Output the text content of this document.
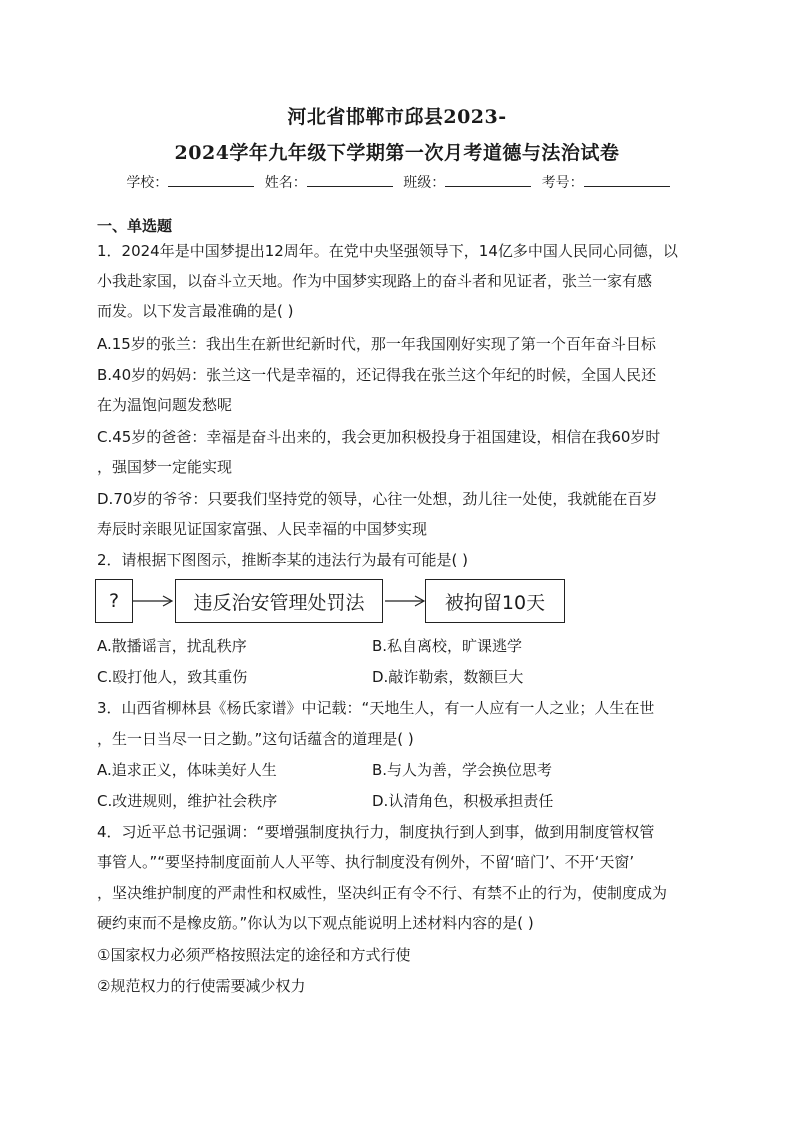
河北省邯郸市邱县2023-
2024学年九年级下学期第一次月考道德与法治试卷
学校：	姓名：	班级：	考号：
一、单选题
1．2024年是中国梦提出12周年。在党中央坚强领导下，14亿多中国人民同心同德，以
小我赴家国，以奋斗立天地。作为中国梦实现路上的奋斗者和见证者，张兰一家有感
而发。以下发言最准确的是( )
A.15岁的张兰：我出生在新世纪新时代，那一年我国刚好实现了第一个百年奋斗目标
B.40岁的妈妈：张兰这一代是幸福的，还记得我在张兰这个年纪的时候，全国人民还
在为温饱问题发愁呢
C.45岁的爸爸：幸福是奋斗出来的，我会更加积极投身于祖国建设，相信在我60岁时
，强国梦一定能实现
D.70岁的爷爷：只要我们坚持党的领导，心往一处想，劲儿往一处使，我就能在百岁
寿辰时亲眼见证国家富强、人民幸福的中国梦实现
2．请根据下图图示，推断李某的违法行为最有可能是( )
?	违反治安管理处罚法	被拘留10天
A.散播谣言，扰乱秩序	B.私自离校，旷课逃学
C.殴打他人，致其重伤	D.敲诈勒索，数额巨大
3．山西省柳林县《杨氏家谱》中记载：“天地生人，有一人应有一人之业；人生在世
，生一日当尽一日之勤。”这句话蕴含的道理是( )
A.追求正义，体味美好人生	B.与人为善，学会换位思考
C.改进规则，维护社会秩序	D.认清角色，积极承担责任
4．习近平总书记强调：“要增强制度执行力，制度执行到人到事，做到用制度管权管
事管人。”“要坚持制度面前人人平等、执行制度没有例外，不留‘暗门’、不开‘天窗’
，坚决维护制度的严肃性和权威性，坚决纠正有令不行、有禁不止的行为，使制度成为
硬约束而不是橡皮筋。”你认为以下观点能说明上述材料内容的是( )
①国家权力必须严格按照法定的途径和方式行使
②规范权力的行使需要减少权力
